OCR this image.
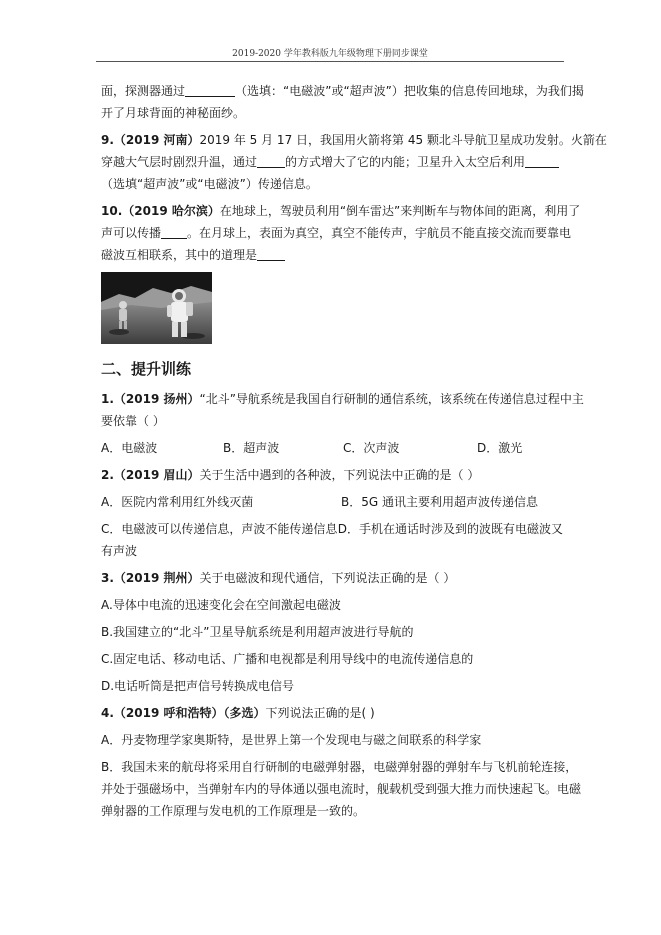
2019-2020 学年教科版九年级物理下册同步课堂
面，探测器通过	（选填：“电磁波”或“超声波”）把收集的信息传回地球，为我们揭
开了月球背面的神秘面纱。
9.（2019 河南）2019 年 5 月 17 日，我国用火箭将第 45 颗北斗导航卫星成功发射。火箭在
穿越大气层时剧烈升温，通过 的方式增大了它的内能；卫星升入太空后利用
（选填“超声波”或“电磁波”）传递信息。
10.（2019 哈尔滨）在地球上，驾驶员利用“倒车雷达”来判断车与物体间的距离，利用了
声可以传播 。在月球上，表面为真空，真空不能传声，宇航员不能直接交流而要靠电
磁波互相联系，其中的道理是
二、提升训练
1.（2019 扬州）“北斗”导航系统是我国自行研制的通信系统，该系统在传递信息过程中主
要依靠（ ）
A．电磁波	B．超声波	C．次声波	D．激光
2.（2019 眉山）关于生活中遇到的各种波，下列说法中正确的是（ ）
A．医院内常利用红外线灭菌	B．5G 通讯主要利用超声波传递信息
C．电磁波可以传递信息，声波不能传递信息 D．手机在通话时涉及到的波既有电磁波又
有声波
3.（2019 荆州）关于电磁波和现代通信，下列说法正确的是（ ）
A.导体中电流的迅速变化会在空间激起电磁波
B.我国建立的“北斗”卫星导航系统是利用超声波进行导航的
C.固定电话、移动电话、广播和电视都是利用导线中的电流传递信息的
D.电话听筒是把声信号转换成电信号
4.（2019 呼和浩特）（多选）下列说法正确的是( )
A．丹麦物理学家奥斯特，是世界上第一个发现电与磁之间联系的科学家
B．我国未来的航母将采用自行研制的电磁弹射器，电磁弹射器的弹射车与飞机前轮连接，
并处于强磁场中，当弹射车内的导体通以强电流时，舰载机受到强大推力而快速起飞。电磁
弹射器的工作原理与发电机的工作原理是一致的。
